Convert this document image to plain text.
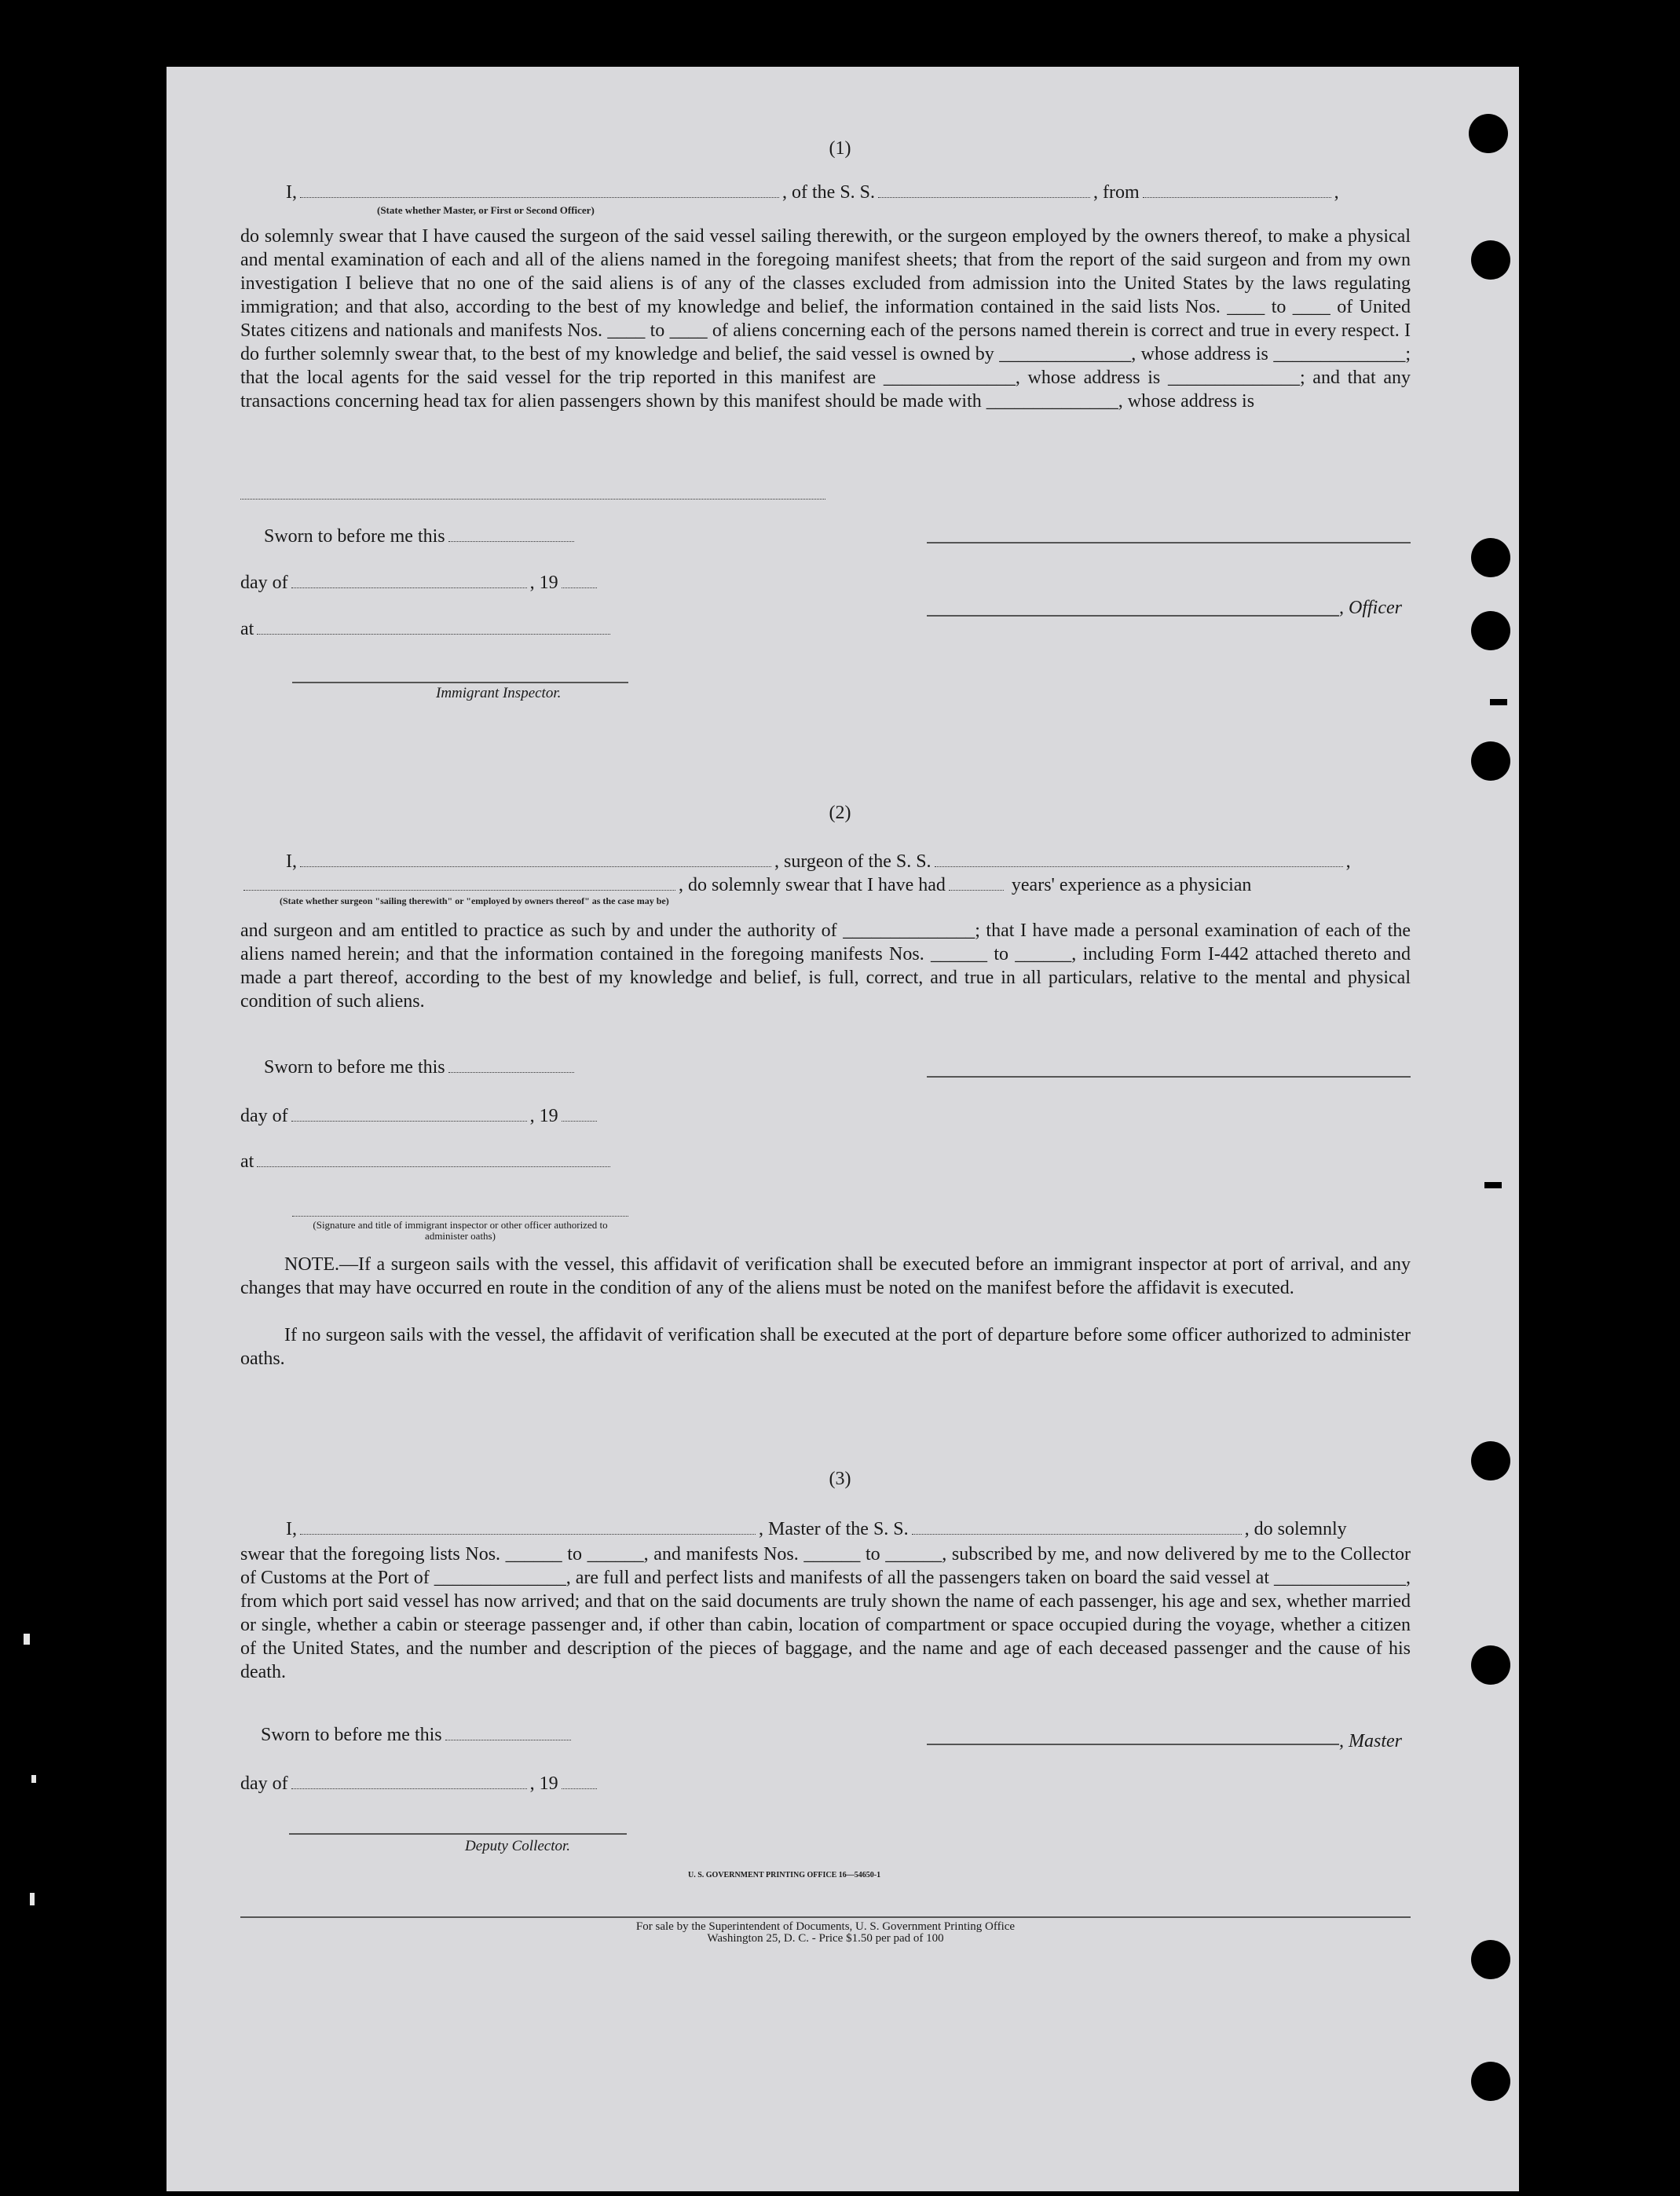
(1)
I,	, of the S. S.	, from	,
(State whether Master, or First or Second Officer)
do solemnly swear that I have caused the surgeon of the said vessel sailing therewith, or the surgeon employed by the owners thereof, to make a physical and mental examination of each and all of the aliens named in the foregoing manifest sheets; that from the report of the said surgeon and from my own investigation I believe that no one of the said aliens is of any of the classes excluded from admission into the United States by the laws regulating immigration; and that also, according to the best of my knowledge and belief, the information contained in the said lists Nos. ____ to ____ of United States citizens and nationals and manifests Nos. ____ to ____ of aliens concerning each of the persons named therein is correct and true in every respect. I do further solemnly swear that, to the best of my knowledge and belief, the said vessel is owned by ______________, whose address is ______________; that the local agents for the said vessel for the trip reported in this manifest are ______________, whose address is ______________; and that any transactions concerning head tax for alien passengers shown by this manifest should be made with ______________, whose address is
Sworn to before me this
day of	, 19
at
Immigrant Inspector.
, Officer
(2)
I,	, surgeon of the S. S.	,
, do solemnly swear that I have had	years' experience as a physician
(State whether surgeon "sailing therewith" or "employed by owners thereof" as the case may be)
and surgeon and am entitled to practice as such by and under the authority of ______________; that I have made a personal examination of each of the aliens named herein; and that the information contained in the foregoing manifests Nos. ______ to ______, including Form I-442 attached thereto and made a part thereof, according to the best of my knowledge and belief, is full, correct, and true in all particulars, relative to the mental and physical condition of such aliens.
Sworn to before me this
day of	, 19
at
(Signature and title of immigrant inspector or other officer authorized to administer oaths)
NOTE.—If a surgeon sails with the vessel, this affidavit of verification shall be executed before an immigrant inspector at port of arrival, and any changes that may have occurred en route in the condition of any of the aliens must be noted on the manifest before the affidavit is executed.
If no surgeon sails with the vessel, the affidavit of verification shall be executed at the port of departure before some officer authorized to administer oaths.
(3)
I,	, Master of the S. S.	, do solemnly
swear that the foregoing lists Nos. ______ to ______, and manifests Nos. ______ to ______, subscribed by me, and now delivered by me to the Collector of Customs at the Port of ______________, are full and perfect lists and manifests of all the passengers taken on board the said vessel at ______________, from which port said vessel has now arrived; and that on the said documents are truly shown the name of each passenger, his age and sex, whether married or single, whether a cabin or steerage passenger and, if other than cabin, location of compartment or space occupied during the voyage, whether a citizen of the United States, and the number and description of the pieces of baggage, and the name and age of each deceased passenger and the cause of his death.
Sworn to before me this
day of	, 19
Deputy Collector.
, Master
U. S. GOVERNMENT PRINTING OFFICE 16—54650-1
For sale by the Superintendent of Documents, U. S. Government Printing Office
Washington 25, D. C. - Price $1.50 per pad of 100
